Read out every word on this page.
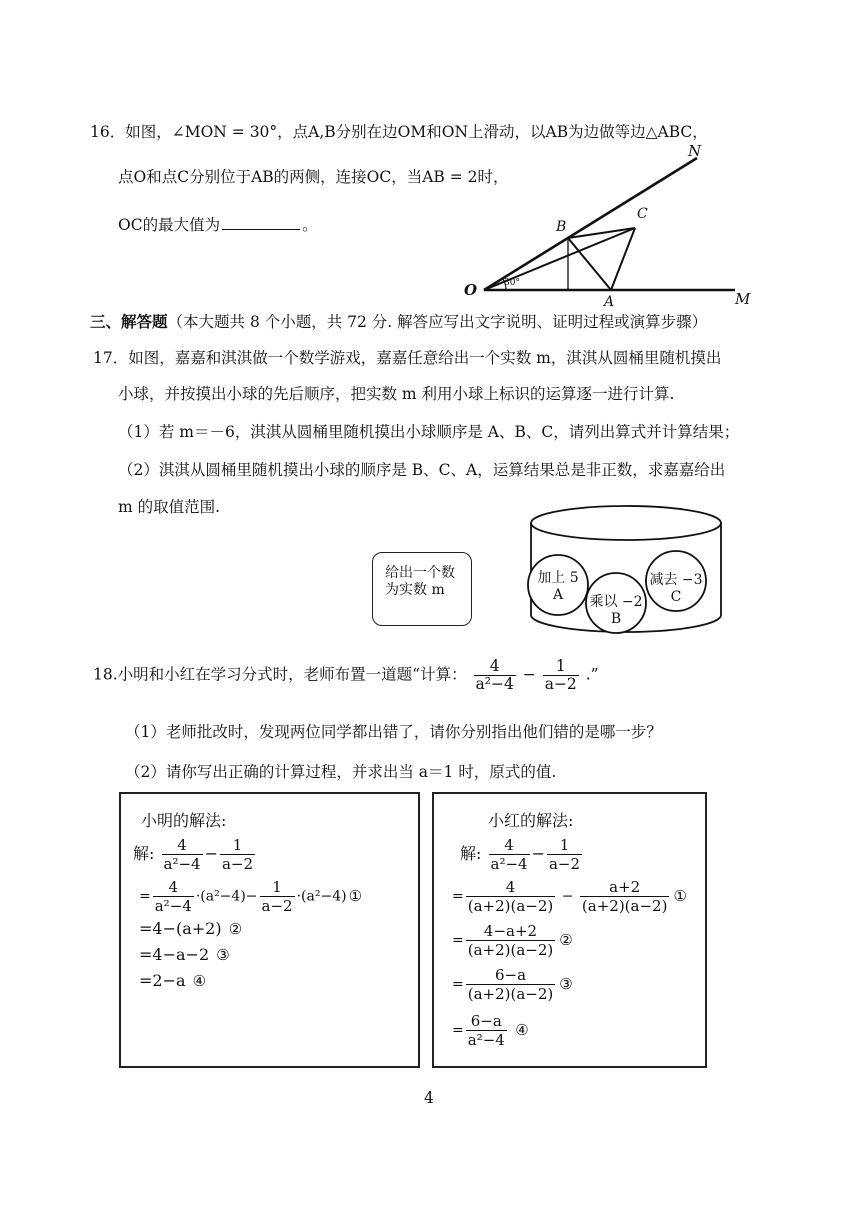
16．如图，∠MON = 30°，点A,B分别在边OM和ON上滑动，以AB为边做等边△ABC，
点O和点C分别位于AB的两侧，连接OC，当AB = 2时，
OC的最大值为	。
N
M
O
A
B
C
30°
三、解答题（本大题共 8 个小题，共 72 分. 解答应写出文字说明、证明过程或演算步骤）
17．如图，嘉嘉和淇淇做一个数学游戏，嘉嘉任意给出一个实数 m，淇淇从圆桶里随机摸出
小球，并按摸出小球的先后顺序，把实数 m 利用小球上标识的运算逐一进行计算.
（1）若 m＝－6，淇淇从圆桶里随机摸出小球顺序是 A、B、C，请列出算式并计算结果；
（2）淇淇从圆桶里随机摸出小球的顺序是 B、C、A，运算结果总是非正数，求嘉嘉给出
m 的取值范围.
给出一个数
为实数 m
加上 5
A	乘以 −2
B
减去 −3
C
18.小明和小红在学习分式时，老师布置一道题“计算： $\frac{4}{\text{a²−4}} - \frac{1}{a-2}$ .”
（1）老师批改时，发现两位同学都出错了，请你分别指出他们错的是哪一步？
（2）请你写出正确的计算过程，并求出当 a＝1 时，原式的值.
小明的解法:
解: $\frac{4}{\text{a²−4}} - \frac{1}{a-2}$
= $\frac{4}{\text{a²−4}} \cdot(a^2-4)- \frac{1}{a-2} \cdot(a^2-4)$ ①
=4−(a+2) ②
=4−a−2 ③
=2−a ④
小红的解法:
解: $\frac{4}{\text{a²−4}} - \frac{1}{a-2}$
= $\frac{4}{(a+2)(a-2)} - \frac{a+2}{(a+2)(a-2)}$ ①
= $\frac{4-a+2}{(a+2)(a-2)}$ ②
= $\frac{6-a}{(a+2)(a-2)}$ ③
= $\frac{6-a}{\text{a²−4}}$ ④
4
